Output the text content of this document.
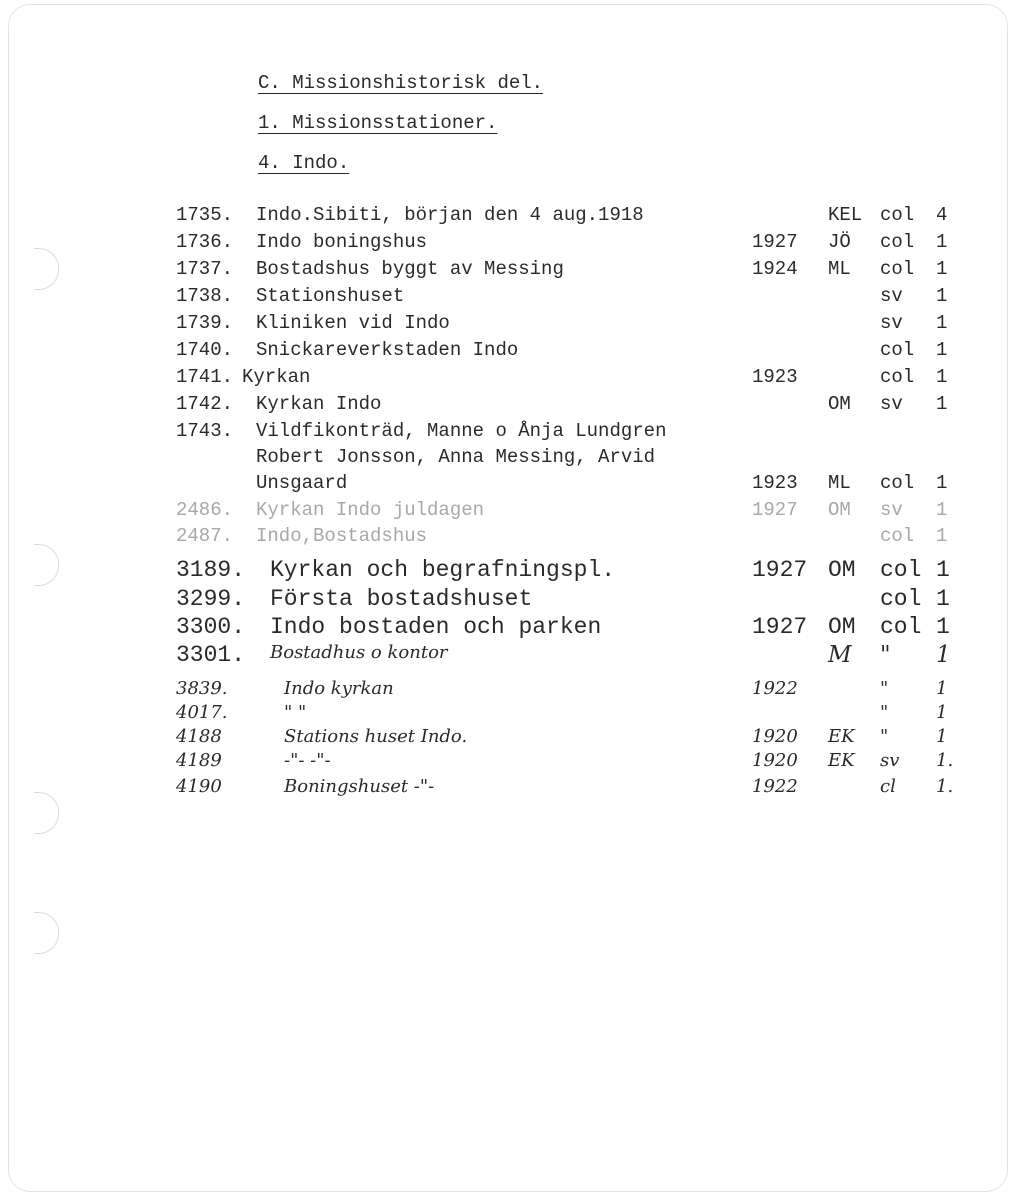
C. Missionshistorisk del.
1. Missionsstationer.
4. Indo.
1735. Indo.Sibiti, början den 4 aug.1918	KEL col 4
1736. Indo boningshus	1927 JÖ col 1
1737. Bostadshus byggt av Messing	1924 ML col 1
1738. Stationshuset	sv 1
1739. Kliniken vid Indo	sv 1
1740. Snickareverkstaden Indo	col 1
1741. Kyrkan	1923	col 1
1742. Kyrkan Indo	OM sv 1
1743. Vildfikonträd, Manne o Ånja Lundgren
Robert Jonsson, Anna Messing, Arvid
Unsgaard	1923 ML col 1
2486. Kyrkan Indo juldagen	1927 OM sv 1
2487. Indo,Bostadshus	col 1
3189. Kyrkan och begrafningspl.	1927 OM col 1
3299. Första bostadshuset	col 1
3300. Indo bostaden och parken	1927 OM col 1
3301. Bostadhus o kontor	M " 1
3839.	Indo kyrkan	1922	"	1
4017.	" "	"	1
4188	Stations huset Indo.	1920 EK "	1
4189	-"- -"-	1920 EK sv 1.
4190	Boningshuset -"-	1922	cl 1.
